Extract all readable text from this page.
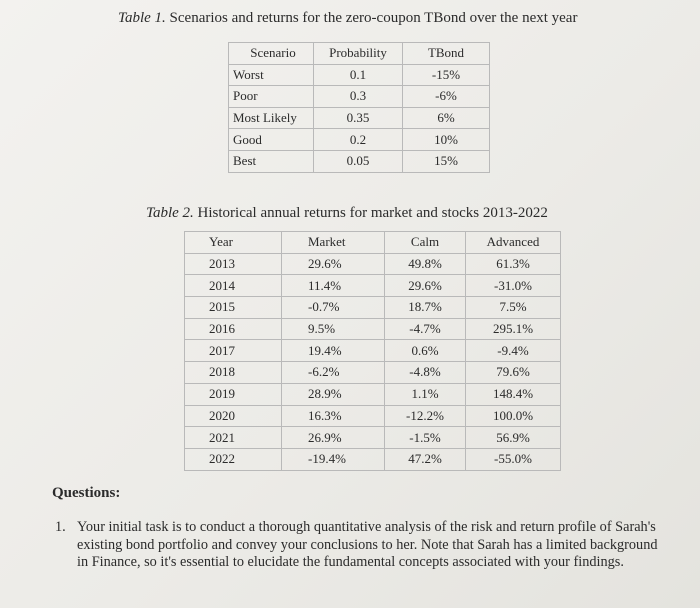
Table 1. Scenarios and returns for the zero-coupon TBond over the next year
Scenario	Probability	TBond
Worst	0.1	-15%
Poor	0.3	-6%
Most Likely	0.35	6%
Good	0.2	10%
Best	0.05	15%
Table 2. Historical annual returns for market and stocks 2013-2022
Year	Market	Calm	Advanced
2013	29.6%	49.8%	61.3%
2014	11.4%	29.6%	-31.0%
2015	-0.7%	18.7%	7.5%
2016	9.5%	-4.7%	295.1%
2017	19.4%	0.6%	-9.4%
2018	-6.2%	-4.8%	79.6%
2019	28.9%	1.1%	148.4%
2020	16.3%	-12.2%	100.0%
2021	26.9%	-1.5%	56.9%
2022	-19.4%	47.2%	-55.0%
Questions:
1. Your initial task is to conduct a thorough quantitative analysis of the risk and return profile of Sarah's existing bond portfolio and convey your conclusions to her. Note that Sarah has a limited background in Finance, so it's essential to elucidate the fundamental concepts associated with your findings.
